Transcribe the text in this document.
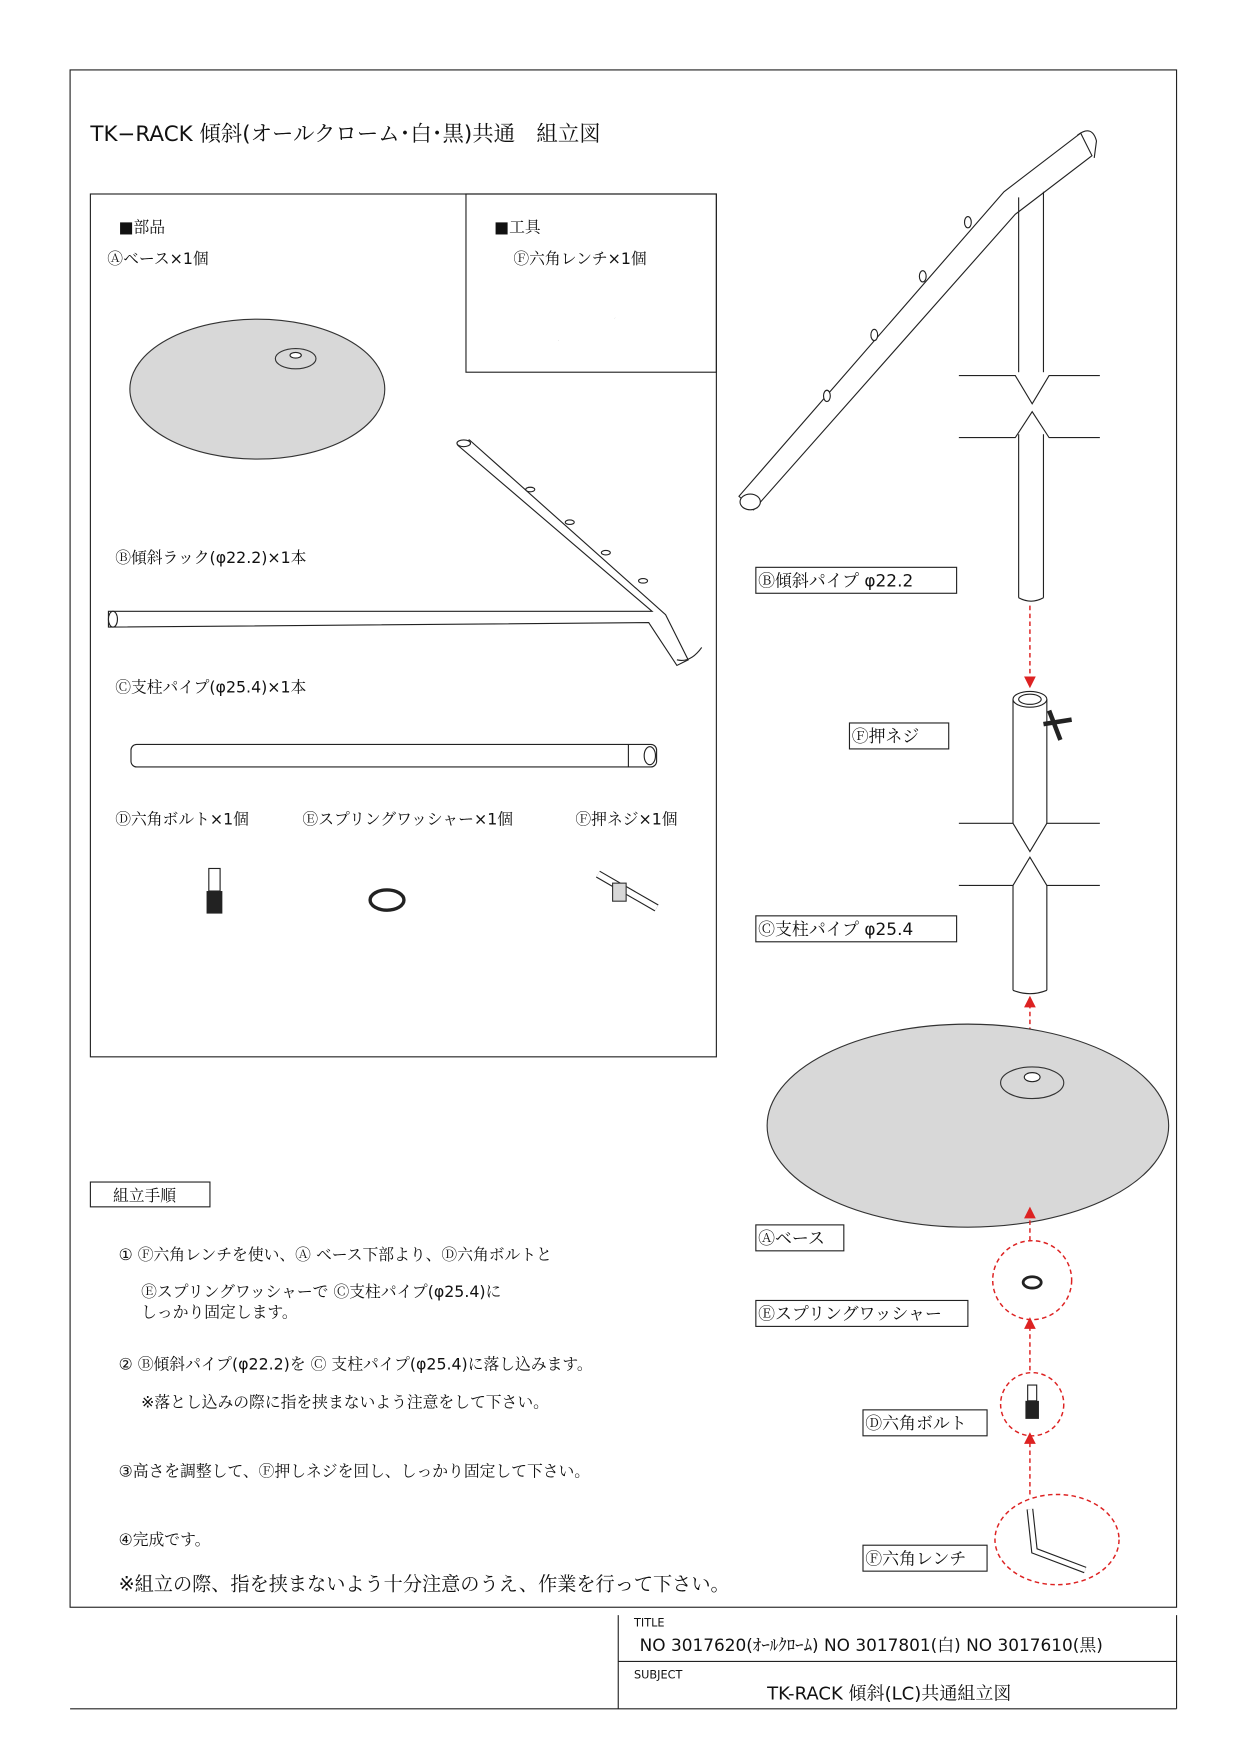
TK−RACK 傾斜(オールクローム･白･黒)共通　組立図
■部品
Ⓐベース×1個
■工具
Ⓕ六角レンチ×1個
Ⓑ傾斜ラック(φ22.2)×1本
Ⓒ支柱パイプ(φ25.4)×1本
Ⓓ六角ボルト×1個	Ⓔスプリングワッシャー×1個	Ⓕ押ネジ×1個
組立手順
① Ⓕ六角レンチを使い、Ⓐ ベース下部より、Ⓓ六角ボルトと
Ⓔスプリングワッシャーで Ⓒ支柱パイプ(φ25.4)に
しっかり固定します。
② Ⓑ傾斜パイプ(φ22.2)を Ⓒ 支柱パイプ(φ25.4)に落し込みます。
※落とし込みの際に指を挟まないよう注意をして下さい。
③高さを調整して、Ⓕ押しネジを回し、しっかり固定して下さい。
④完成です。
※組立の際、指を挟まないよう十分注意のうえ、作業を行って下さい。
Ⓑ傾斜パイプ φ22.2
Ⓕ押ネジ
Ⓒ支柱パイプ φ25.4
Ⓐベース
Ⓔスプリングワッシャー
Ⓓ六角ボルト
Ⓕ六角レンチ
TITLE
NO 3017620(ｵｰﾙｸﾛｰﾑ) NO 3017801(白) NO 3017610(黒)
SUBJECT
TK-RACK 傾斜(LC)共通組立図
